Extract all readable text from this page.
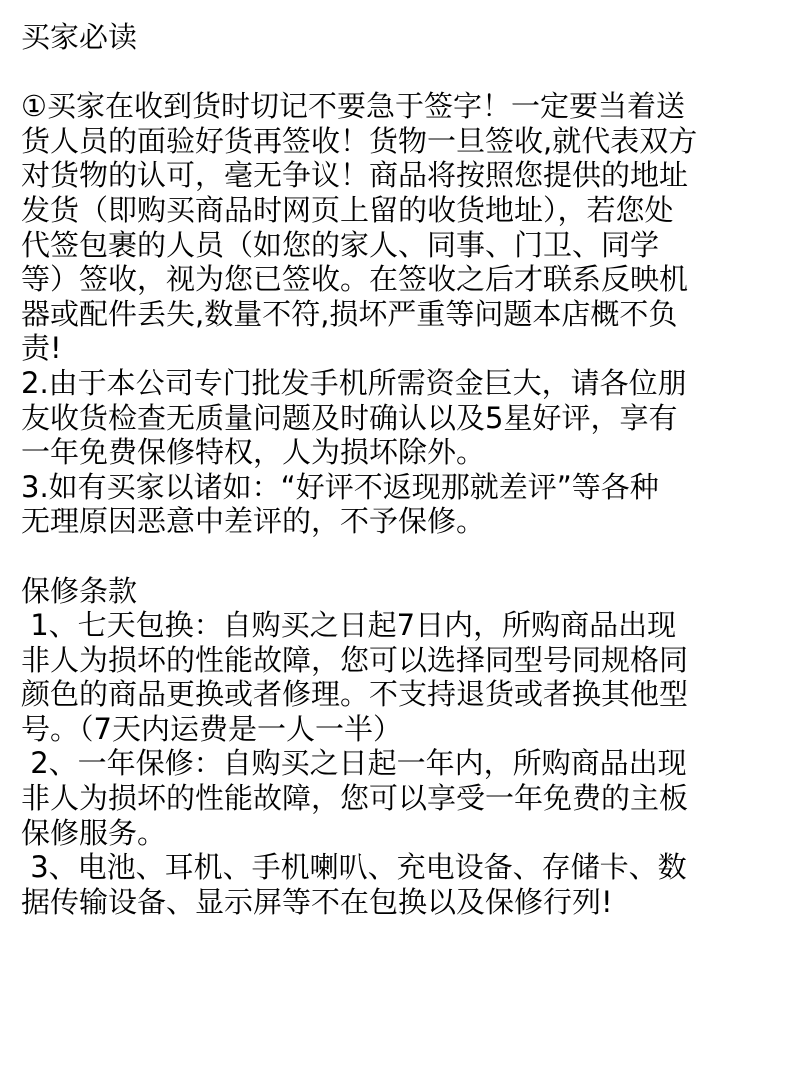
买家必读
①买家在收到货时切记不要急于签字！一定要当着送
货人员的面验好货再签收！货物一旦签收,就代表双方
对货物的认可，毫无争议！商品将按照您提供的地址
发货（即购买商品时网页上留的收货地址），若您处
代签包裹的人员（如您的家人、同事、门卫、同学
等）签收，视为您已签收。在签收之后才联系反映机
器或配件丢失,数量不符,损坏严重等问题本店概不负
责!
2.由于本公司专门批发手机所需资金巨大，请各位朋
友收货检查无质量问题及时确认以及5星好评，享有
一年免费保修特权，人为损坏除外。
3.如有买家以诸如：“好评不返现那就差评”等各种
无理原因恶意中差评的，不予保修。
保修条款
1、七天包换：自购买之日起7日内，所购商品出现
非人为损坏的性能故障，您可以选择同型号同规格同
颜色的商品更换或者修理。不支持退货或者换其他型
号。（7天内运费是一人一半）
2、一年保修：自购买之日起一年内，所购商品出现
非人为损坏的性能故障，您可以享受一年免费的主板
保修服务。
3、电池、耳机、手机喇叭、充电设备、存储卡、数
据传输设备、显示屏等不在包换以及保修行列!
